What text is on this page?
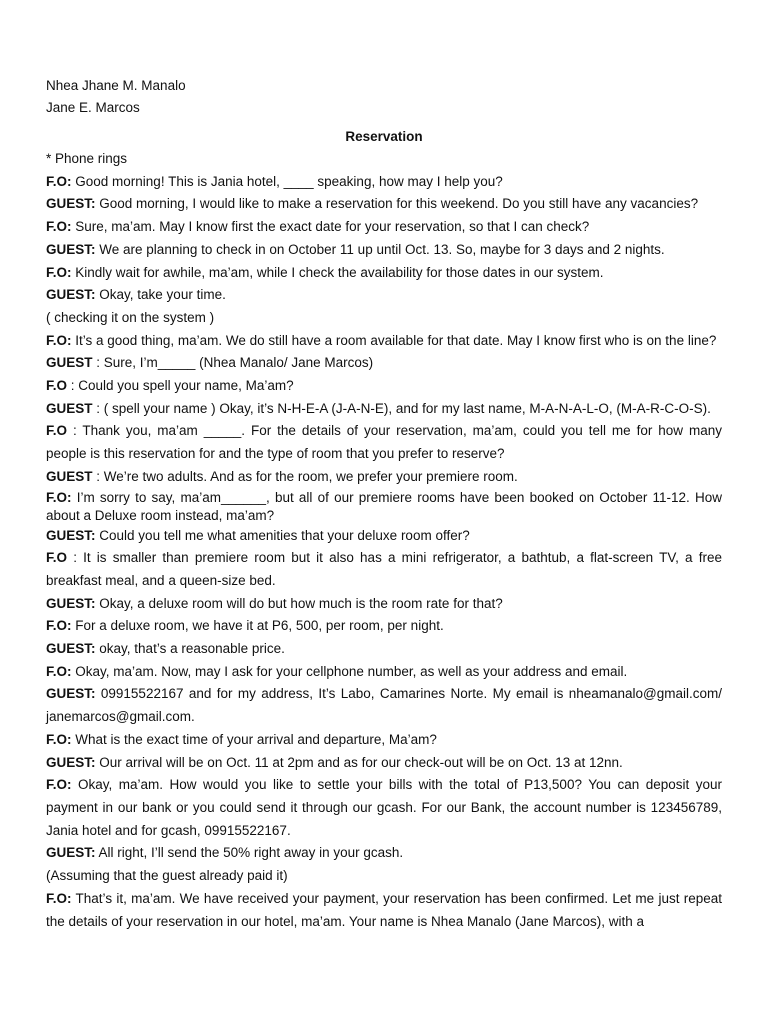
Nhea Jhane M. Manalo
Jane E. Marcos
Reservation

* Phone rings

F.O: Good morning! This is Jania hotel, ____ speaking, how may I help you?

GUEST: Good morning, I would like to make a reservation for this weekend. Do you still have any vacancies?

F.O: Sure, ma’am. May I know first the exact date for your reservation, so that I can check?

GUEST: We are planning to check in on October 11 up until Oct. 13. So, maybe for 3 days and 2 nights.

F.O: Kindly wait for awhile, ma’am, while I check the availability for those dates in our system.

GUEST: Okay, take your time.

( checking it on the system )

F.O: It’s a good thing, ma’am. We do still have a room available for that date. May I know first who is on the line?

GUEST : Sure, I’m_____ (Nhea Manalo/ Jane Marcos)

F.O : Could you spell your name, Ma’am?

GUEST : ( spell your name ) Okay, it’s N-H-E-A (J-A-N-E), and for my last name, M-A-N-A-L-O, (M-A-R-C-O-S).

F.O : Thank you, ma’am _____. For the details of your reservation, ma’am, could you tell me for how many people is this reservation for and the type of room that you prefer to reserve?

GUEST : We’re two adults. And as for the room, we prefer your premiere room.

F.O: I’m sorry to say, ma’am______, but all of our premiere rooms have been booked on October 11-12. How about a Deluxe room instead, ma’am?

GUEST: Could you tell me what amenities that your deluxe room offer?

F.O : It is smaller than premiere room but it also has a mini refrigerator, a bathtub, a flat-screen TV, a free breakfast meal, and a queen-size bed.

GUEST: Okay, a deluxe room will do but how much is the room rate for that?

F.O: For a deluxe room, we have it at P6, 500, per room, per night.

GUEST: okay, that’s a reasonable price.

F.O: Okay, ma’am. Now, may I ask for your cellphone number, as well as your address and email.

GUEST: 09915522167 and for my address, It’s Labo, Camarines Norte. My email is nheamanalo@gmail.com/ janemarcos@gmail.com.

F.O: What is the exact time of your arrival and departure, Ma’am?

GUEST: Our arrival will be on Oct. 11 at 2pm and as for our check-out will be on Oct. 13 at 12nn.

F.O: Okay, ma’am. How would you like to settle your bills with the total of P13,500? You can deposit your payment in our bank or you could send it through our gcash. For our Bank, the account number is 123456789, Jania hotel and for gcash, 09915522167.

GUEST: All right, I’ll send the 50% right away in your gcash.

(Assuming that the guest already paid it)

F.O: That’s it, ma’am. We have received your payment, your reservation has been confirmed. Let me just repeat the details of your reservation in our hotel, ma’am. Your name is Nhea Manalo (Jane Marcos), with a
